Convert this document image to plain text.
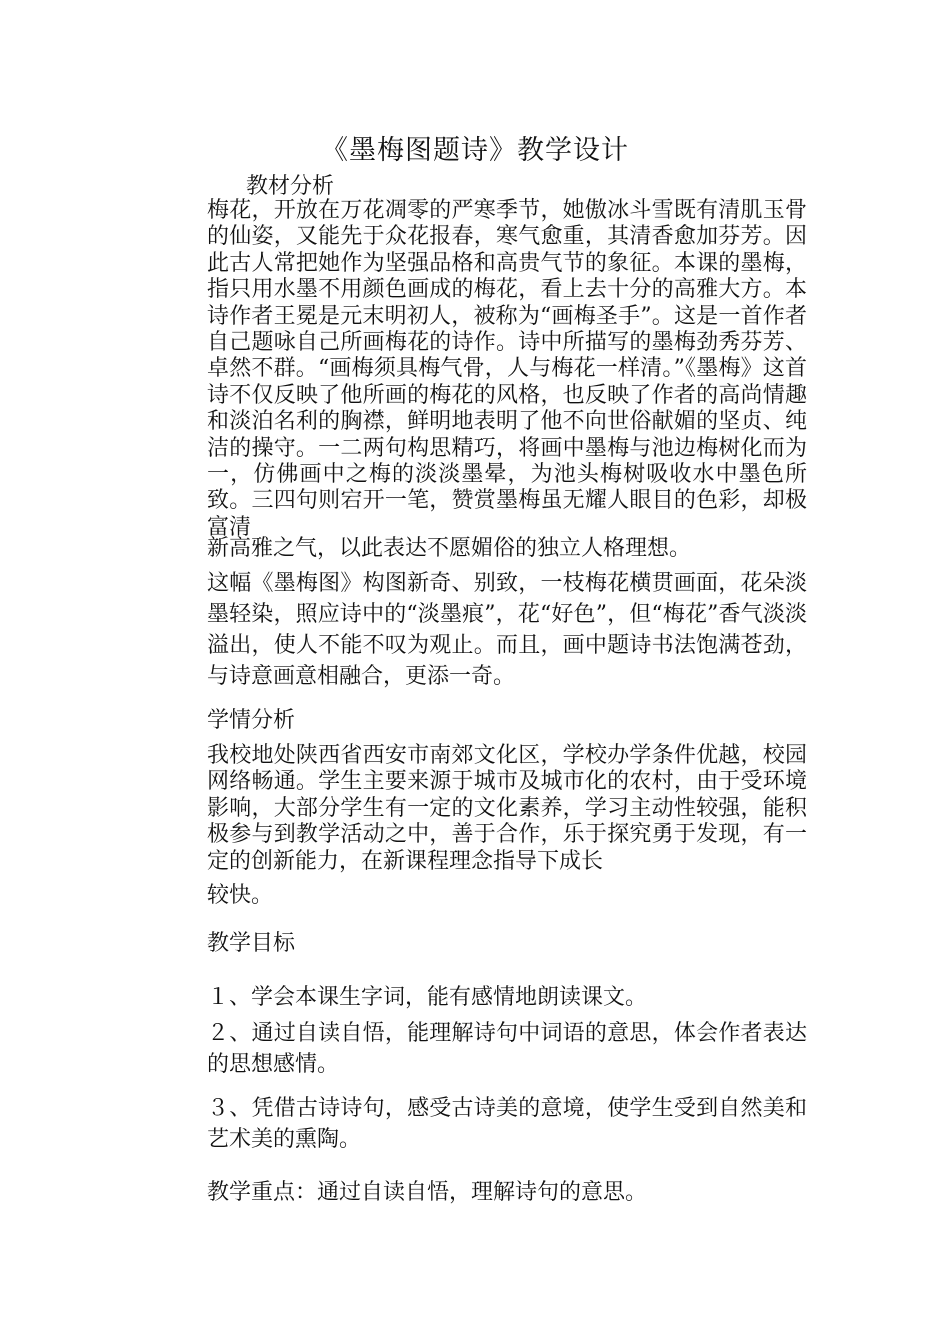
《墨梅图题诗》教学设计
教材分析

梅花，开放在万花凋零的严寒季节，她傲冰斗雪既有清肌玉骨的仙姿，又能先于众花报春，寒气愈重，其清香愈加芬芳。因此古人常把她作为坚强品格和高贵气节的象征。本课的墨梅，指只用水墨不用颜色画成的梅花，看上去十分的高雅大方。本诗作者王冕是元末明初人，被称为“画梅圣手”。这是一首作者自己题咏自己所画梅花的诗作。诗中所描写的墨梅劲秀芬芳、卓然不群。“画梅须具梅气骨，人与梅花一样清。”《墨梅》这首诗不仅反映了他所画的梅花的风格，也反映了作者的高尚情趣和淡泊名利的胸襟，鲜明地表明了他不向世俗献媚的坚贞、纯洁的操守。一二两句构思精巧，将画中墨梅与池边梅树化而为一，仿佛画中之梅的淡淡墨晕，为池头梅树吸收水中墨色所致。三四句则宕开一笔，赞赏墨梅虽无耀人眼目的色彩，却极富清

新高雅之气，以此表达不愿媚俗的独立人格理想。

这幅《墨梅图》构图新奇、别致，一枝梅花横贯画面，花朵淡墨轻染，照应诗中的“淡墨痕”，花“好色”，但“梅花”香气淡淡溢出，使人不能不叹为观止。而且，画中题诗书法饱满苍劲，与诗意画意相融合，更添一奇。

学情分析

我校地处陕西省西安市南郊文化区，学校办学条件优越，校园网络畅通。学生主要来源于城市及城市化的农村，由于受环境影响，大部分学生有一定的文化素养，学习主动性较强，能积极参与到教学活动之中，善于合作，乐于探究勇于发现，有一定的创新能力，在新课程理念指导下成长

较快。
教学目标
１、学会本课生字词，能有感情地朗读课文。

２、通过自读自悟，能理解诗句中词语的意思，体会作者表达的思想感情。

３、凭借古诗诗句，感受古诗美的意境，使学生受到自然美和艺术美的熏陶。

教学重点：通过自读自悟，理解诗句的意思。
